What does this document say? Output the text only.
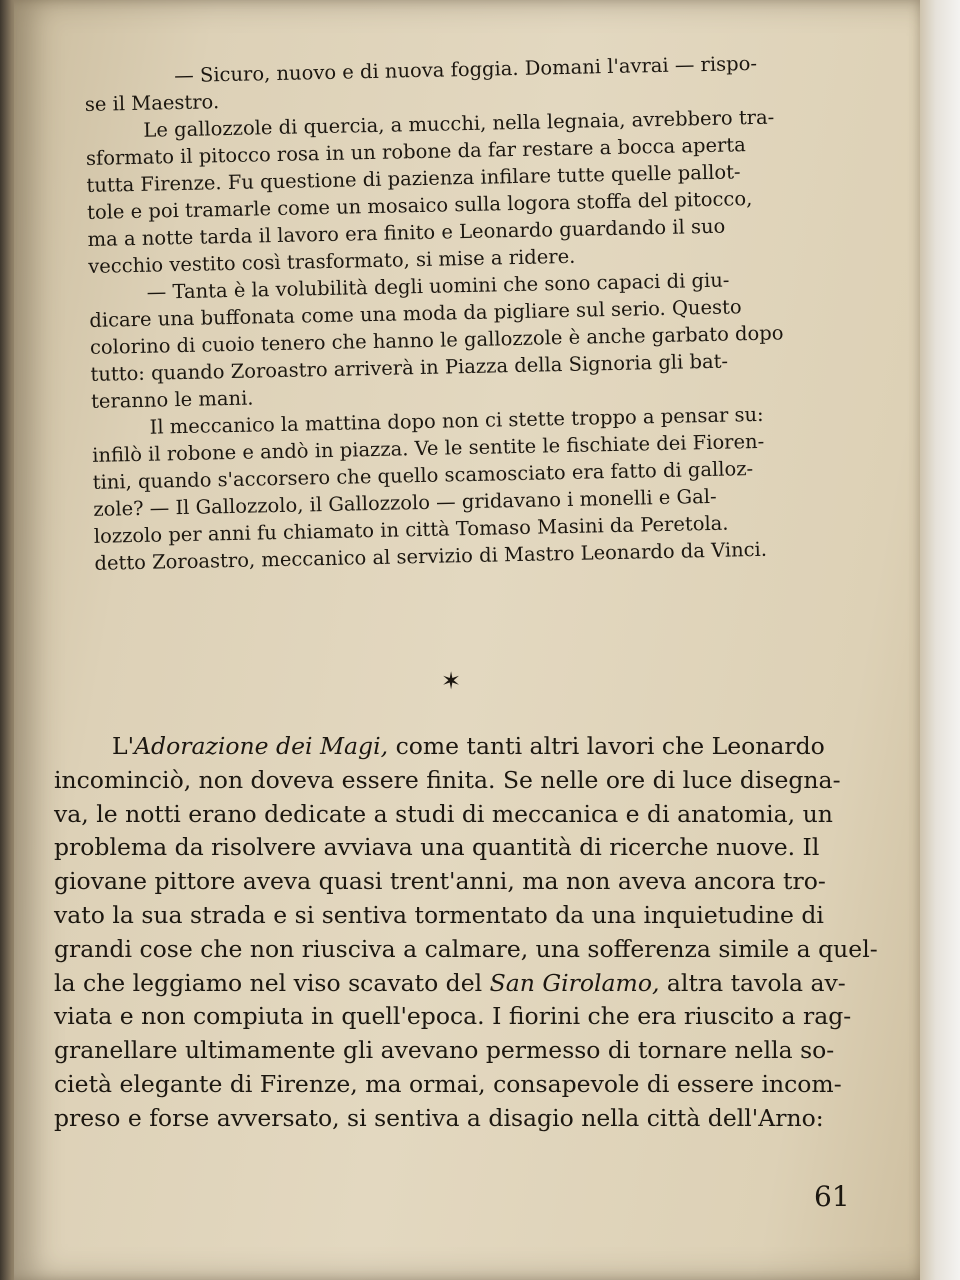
— Sicuro, nuovo e di nuova foggia. Domani l'avrai — rispo-
se il Maestro.
Le gallozzole di quercia, a mucchi, nella legnaia, avrebbero tra-
sformato il pitocco rosa in un robone da far restare a bocca aperta
tutta Firenze. Fu questione di pazienza infilare tutte quelle pallot-
tole e poi tramarle come un mosaico sulla logora stoffa del pitocco,
ma a notte tarda il lavoro era finito e Leonardo guardando il suo
vecchio vestito così trasformato, si mise a ridere.
— Tanta è la volubilità degli uomini che sono capaci di giu-
dicare una buffonata come una moda da pigliare sul serio. Questo
colorino di cuoio tenero che hanno le gallozzole è anche garbato dopo
tutto: quando Zoroastro arriverà in Piazza della Signoria gli bat-
teranno le mani.
Il meccanico la mattina dopo non ci stette troppo a pensar su:
infilò il robone e andò in piazza. Ve le sentite le fischiate dei Fioren-
tini, quando s'accorsero che quello scamosciato era fatto di galloz-
zole? — Il Gallozzolo, il Gallozzolo — gridavano i monelli e Gal-
lozzolo per anni fu chiamato in città Tomaso Masini da Peretola.
detto Zoroastro, meccanico al servizio di Mastro Leonardo da Vinci.
✶
L'Adorazione dei Magi, come tanti altri lavori che Leonardo
incominciò, non doveva essere finita. Se nelle ore di luce disegna-
va, le notti erano dedicate a studi di meccanica e di anatomia, un
problema da risolvere avviava una quantità di ricerche nuove. Il
giovane pittore aveva quasi trent'anni, ma non aveva ancora tro-
vato la sua strada e si sentiva tormentato da una inquietudine di
grandi cose che non riusciva a calmare, una sofferenza simile a quel-
la che leggiamo nel viso scavato del San Girolamo, altra tavola av-
viata e non compiuta in quell'epoca. I fiorini che era riuscito a rag-
granellare ultimamente gli avevano permesso di tornare nella so-
cietà elegante di Firenze, ma ormai, consapevole di essere incom-
preso e forse avversato, si sentiva a disagio nella città dell'Arno:
61
